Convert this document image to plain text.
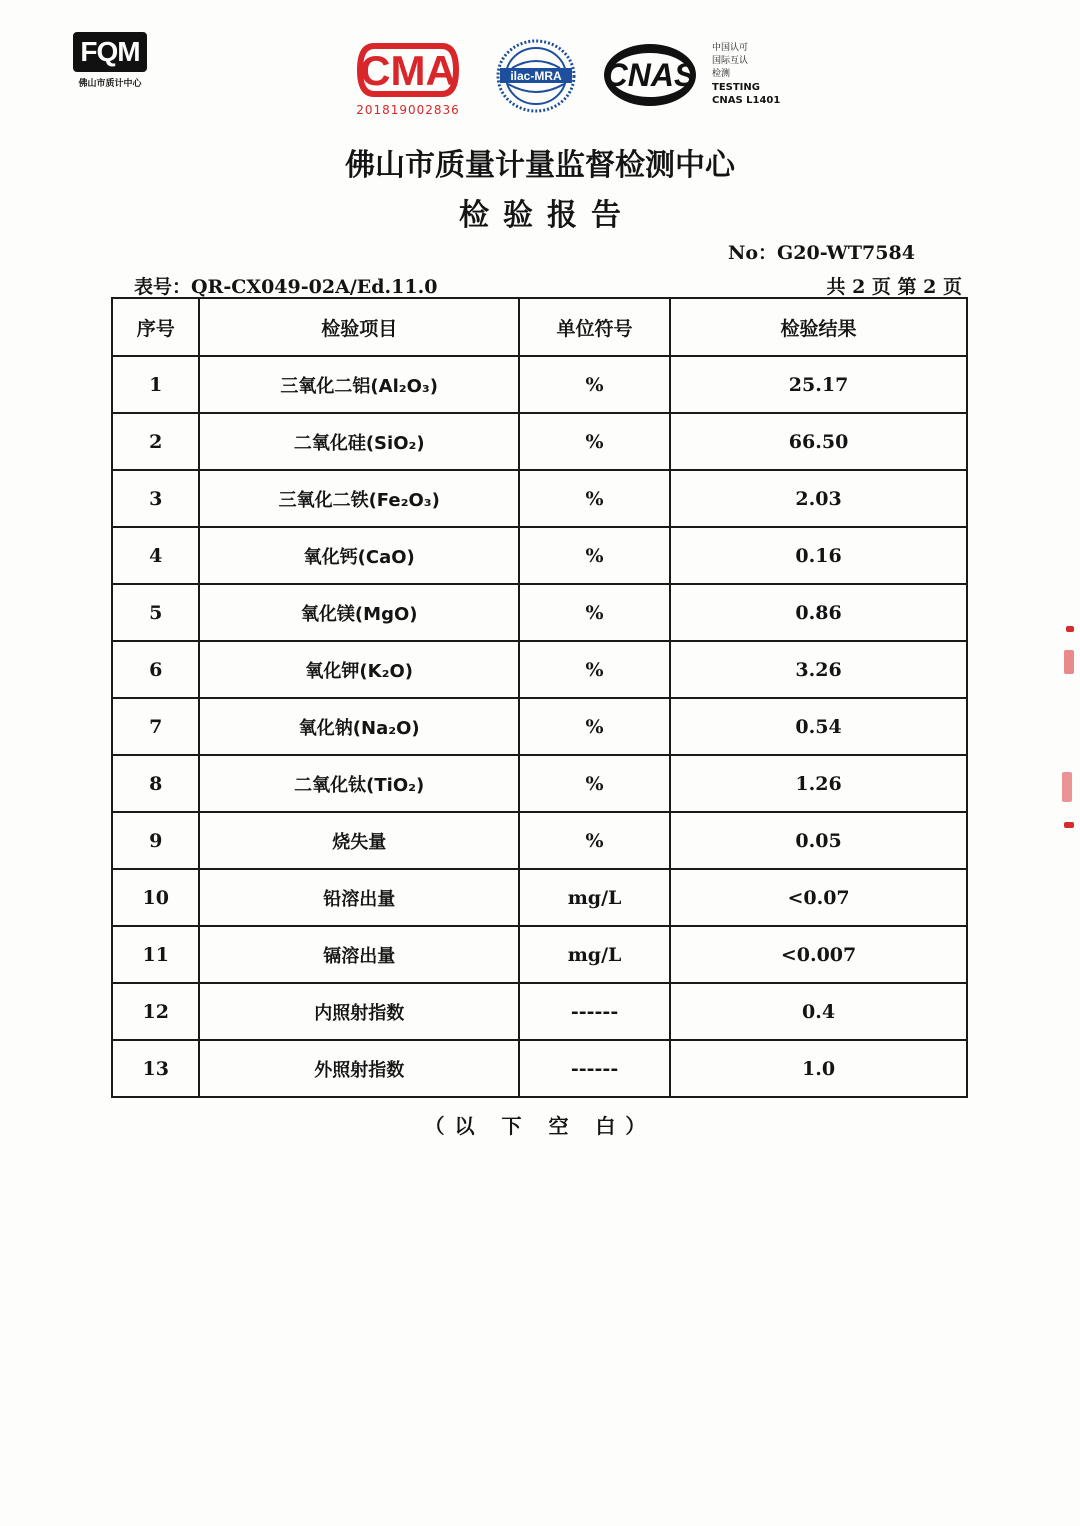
FQM
佛山市质计中心	CMA
201819002836
ilac-MRA CNAS
中国认可
国际互认
检测
TESTING
CNAS L1401
佛山市质量计量监督检测中心
检验报告
No：G20-WT7584
表号：QR-CX049-02A/Ed.11.0	共 2 页 第 2 页
序号	检验项目	单位符号	检验结果
1	三氧化二铝(Al₂O₃)	%	25.17
2	二氧化硅(SiO₂)	%	66.50
3	三氧化二铁(Fe₂O₃)	%	2.03
4	氧化钙(CaO)	%	0.16
5	氧化镁(MgO)	%	0.86
6	氧化钾(K₂O)	%	3.26
7	氧化钠(Na₂O)	%	0.54
8	二氧化钛(TiO₂)	%	1.26
9	烧失量	%	0.05
10	铅溶出量	mg/L	<0.07
11	镉溶出量	mg/L	<0.007
12	内照射指数	------	0.4
13	外照射指数	------	1.0
（以 下 空 白）
